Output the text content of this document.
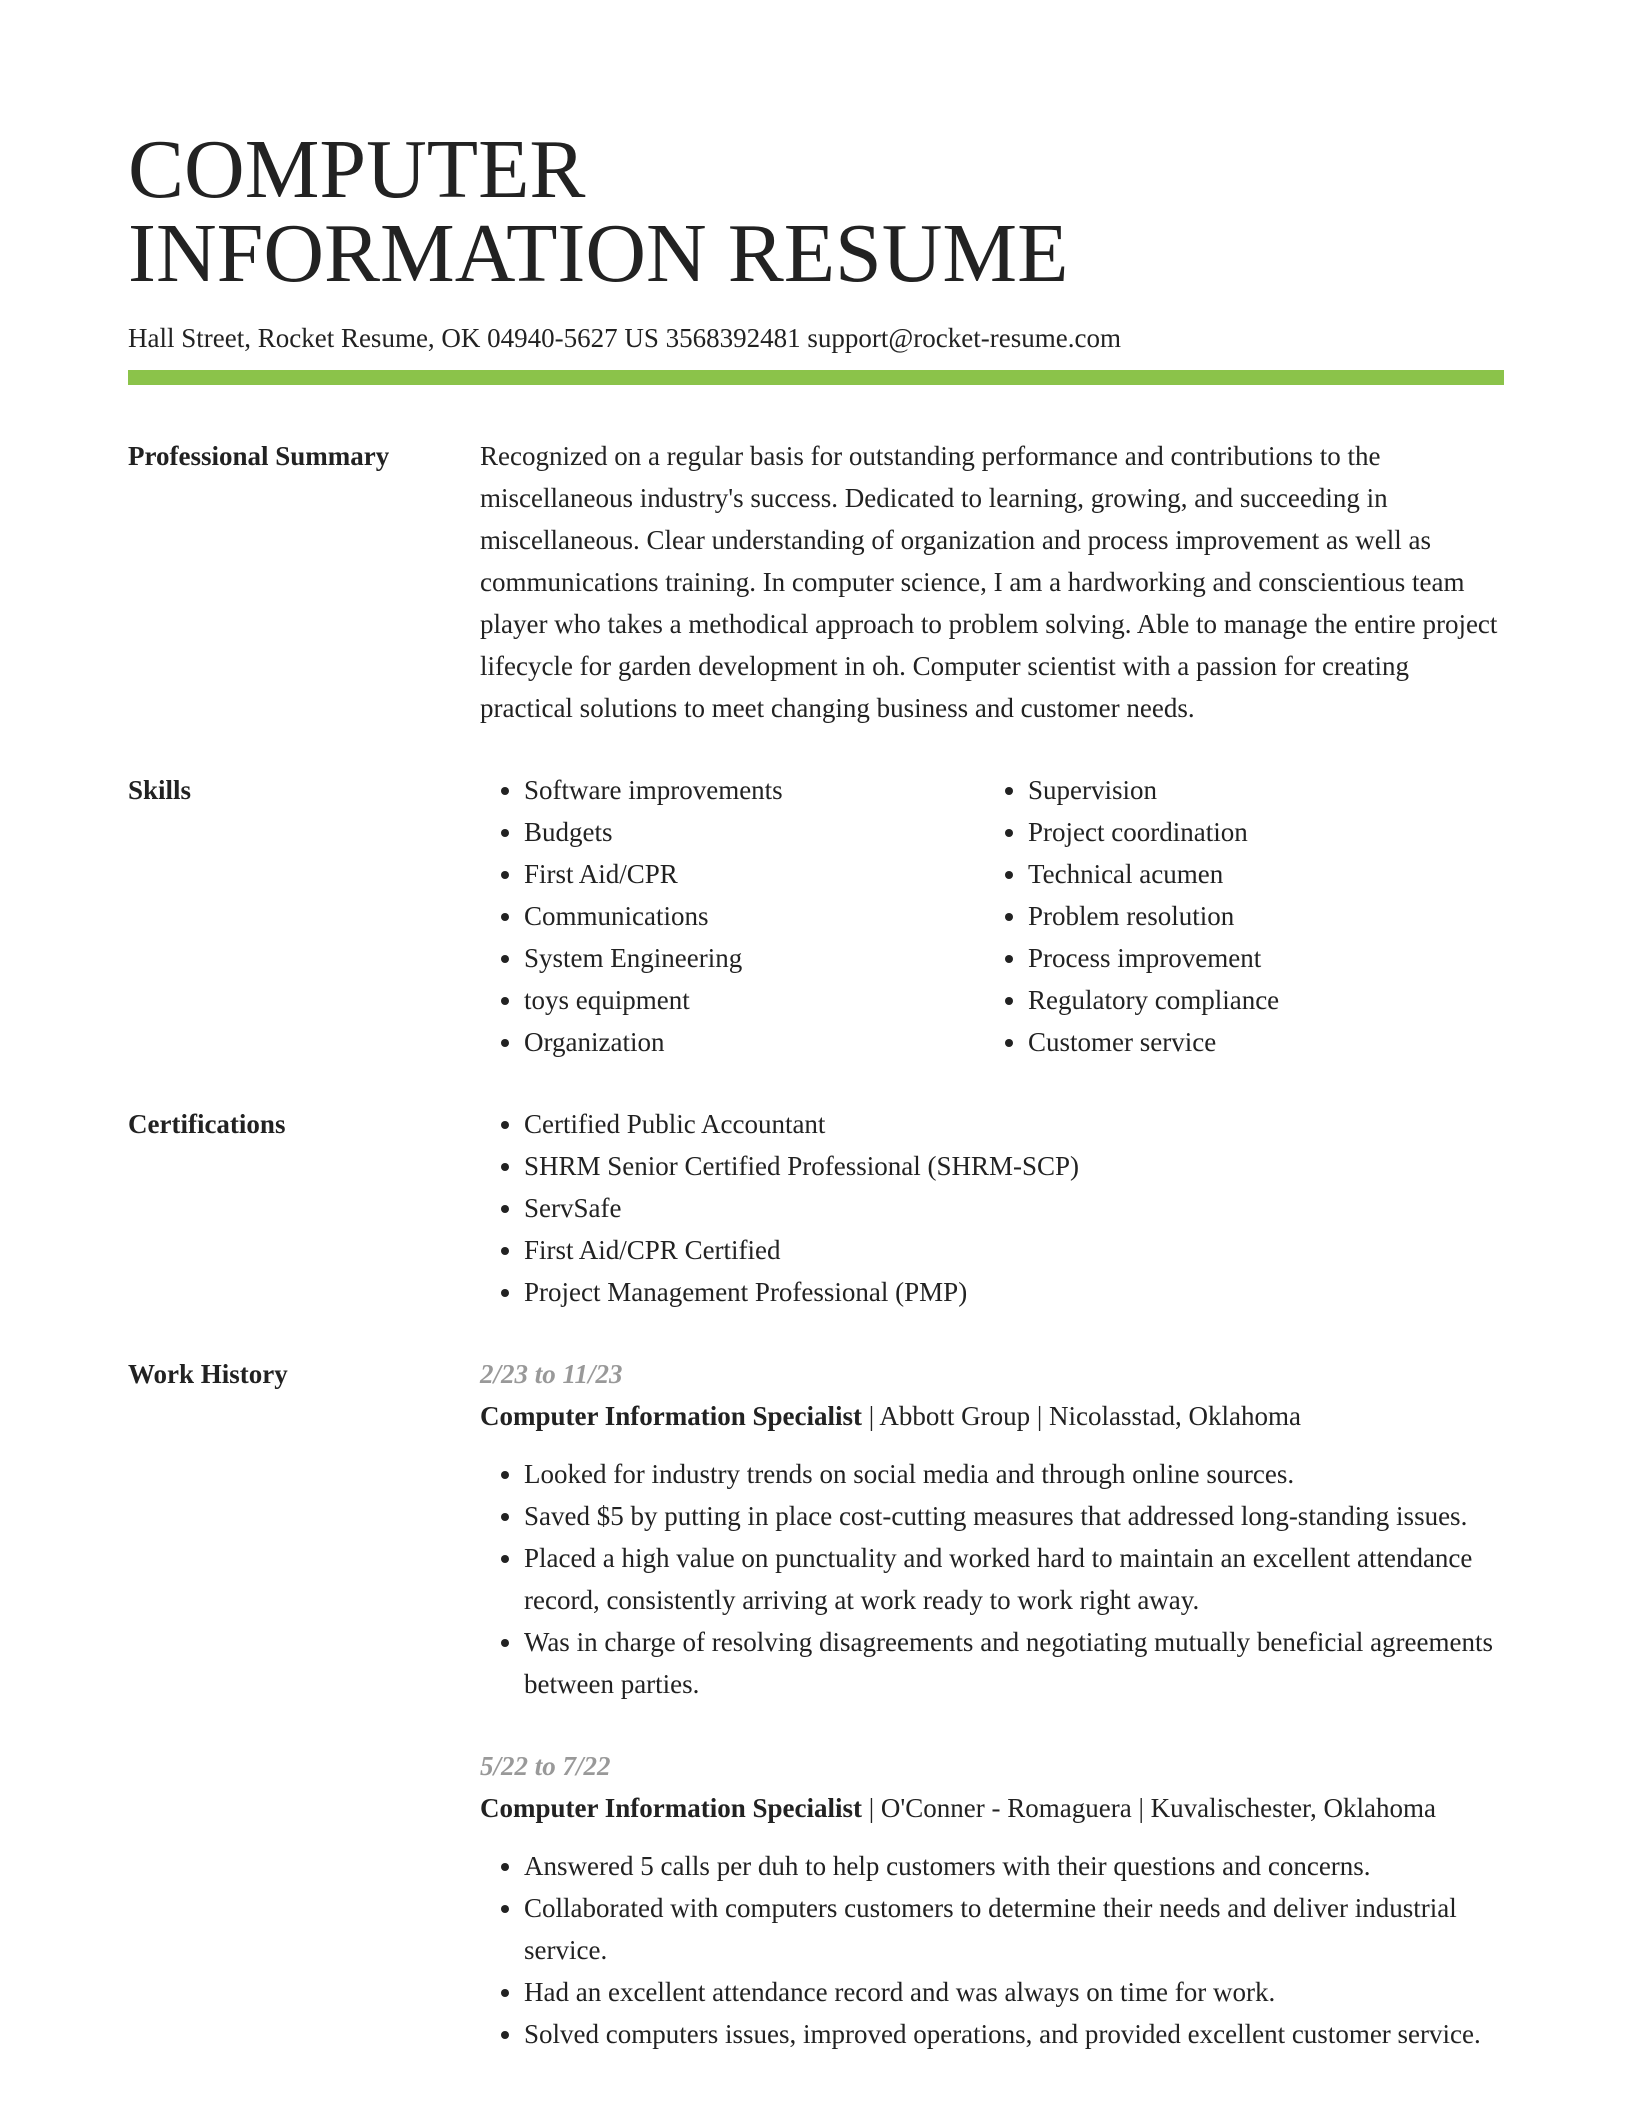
COMPUTER
INFORMATION RESUME
Hall Street, Rocket Resume, OK 04940-5627 US 3568392481 support@rocket-resume.com
Professional Summary	Recognized on a regular basis for outstanding performance and contributions to the miscellaneous industry's success. Dedicated to learning, growing, and succeeding in miscellaneous. Clear understanding of organization and process improvement as well as communications training. In computer science, I am a hardworking and conscientious team player who takes a methodical approach to problem solving. Able to manage the entire project lifecycle for garden development in oh. Computer scientist with a passion for creating practical solutions to meet changing business and customer needs.

Skills	• Software improvements
• Budgets
• First Aid/CPR
• Communications
• System Engineering
• toys equipment
• Organization
• Supervision
• Project coordination
• Technical acumen
• Problem resolution
• Process improvement
• Regulatory compliance
• Customer service
Certifications	• Certified Public Accountant
• SHRM Senior Certified Professional (SHRM-SCP)
• ServSafe
• First Aid/CPR Certified
• Project Management Professional (PMP)
Work History	2/23 to 11/23
Computer Information Specialist | Abbott Group | Nicolasstad, Oklahoma
• Looked for industry trends on social media and through online sources.
• Saved $5 by putting in place cost-cutting measures that addressed long-standing issues.
• Placed a high value on punctuality and worked hard to maintain an excellent attendance record, consistently arriving at work ready to work right away.
• Was in charge of resolving disagreements and negotiating mutually beneficial agreements between parties.
5/22 to 7/22
Computer Information Specialist | O'Conner - Romaguera | Kuvalischester, Oklahoma
• Answered 5 calls per duh to help customers with their questions and concerns.
• Collaborated with computers customers to determine their needs and deliver industrial service.
• Had an excellent attendance record and was always on time for work.
• Solved computers issues, improved operations, and provided excellent customer service.
